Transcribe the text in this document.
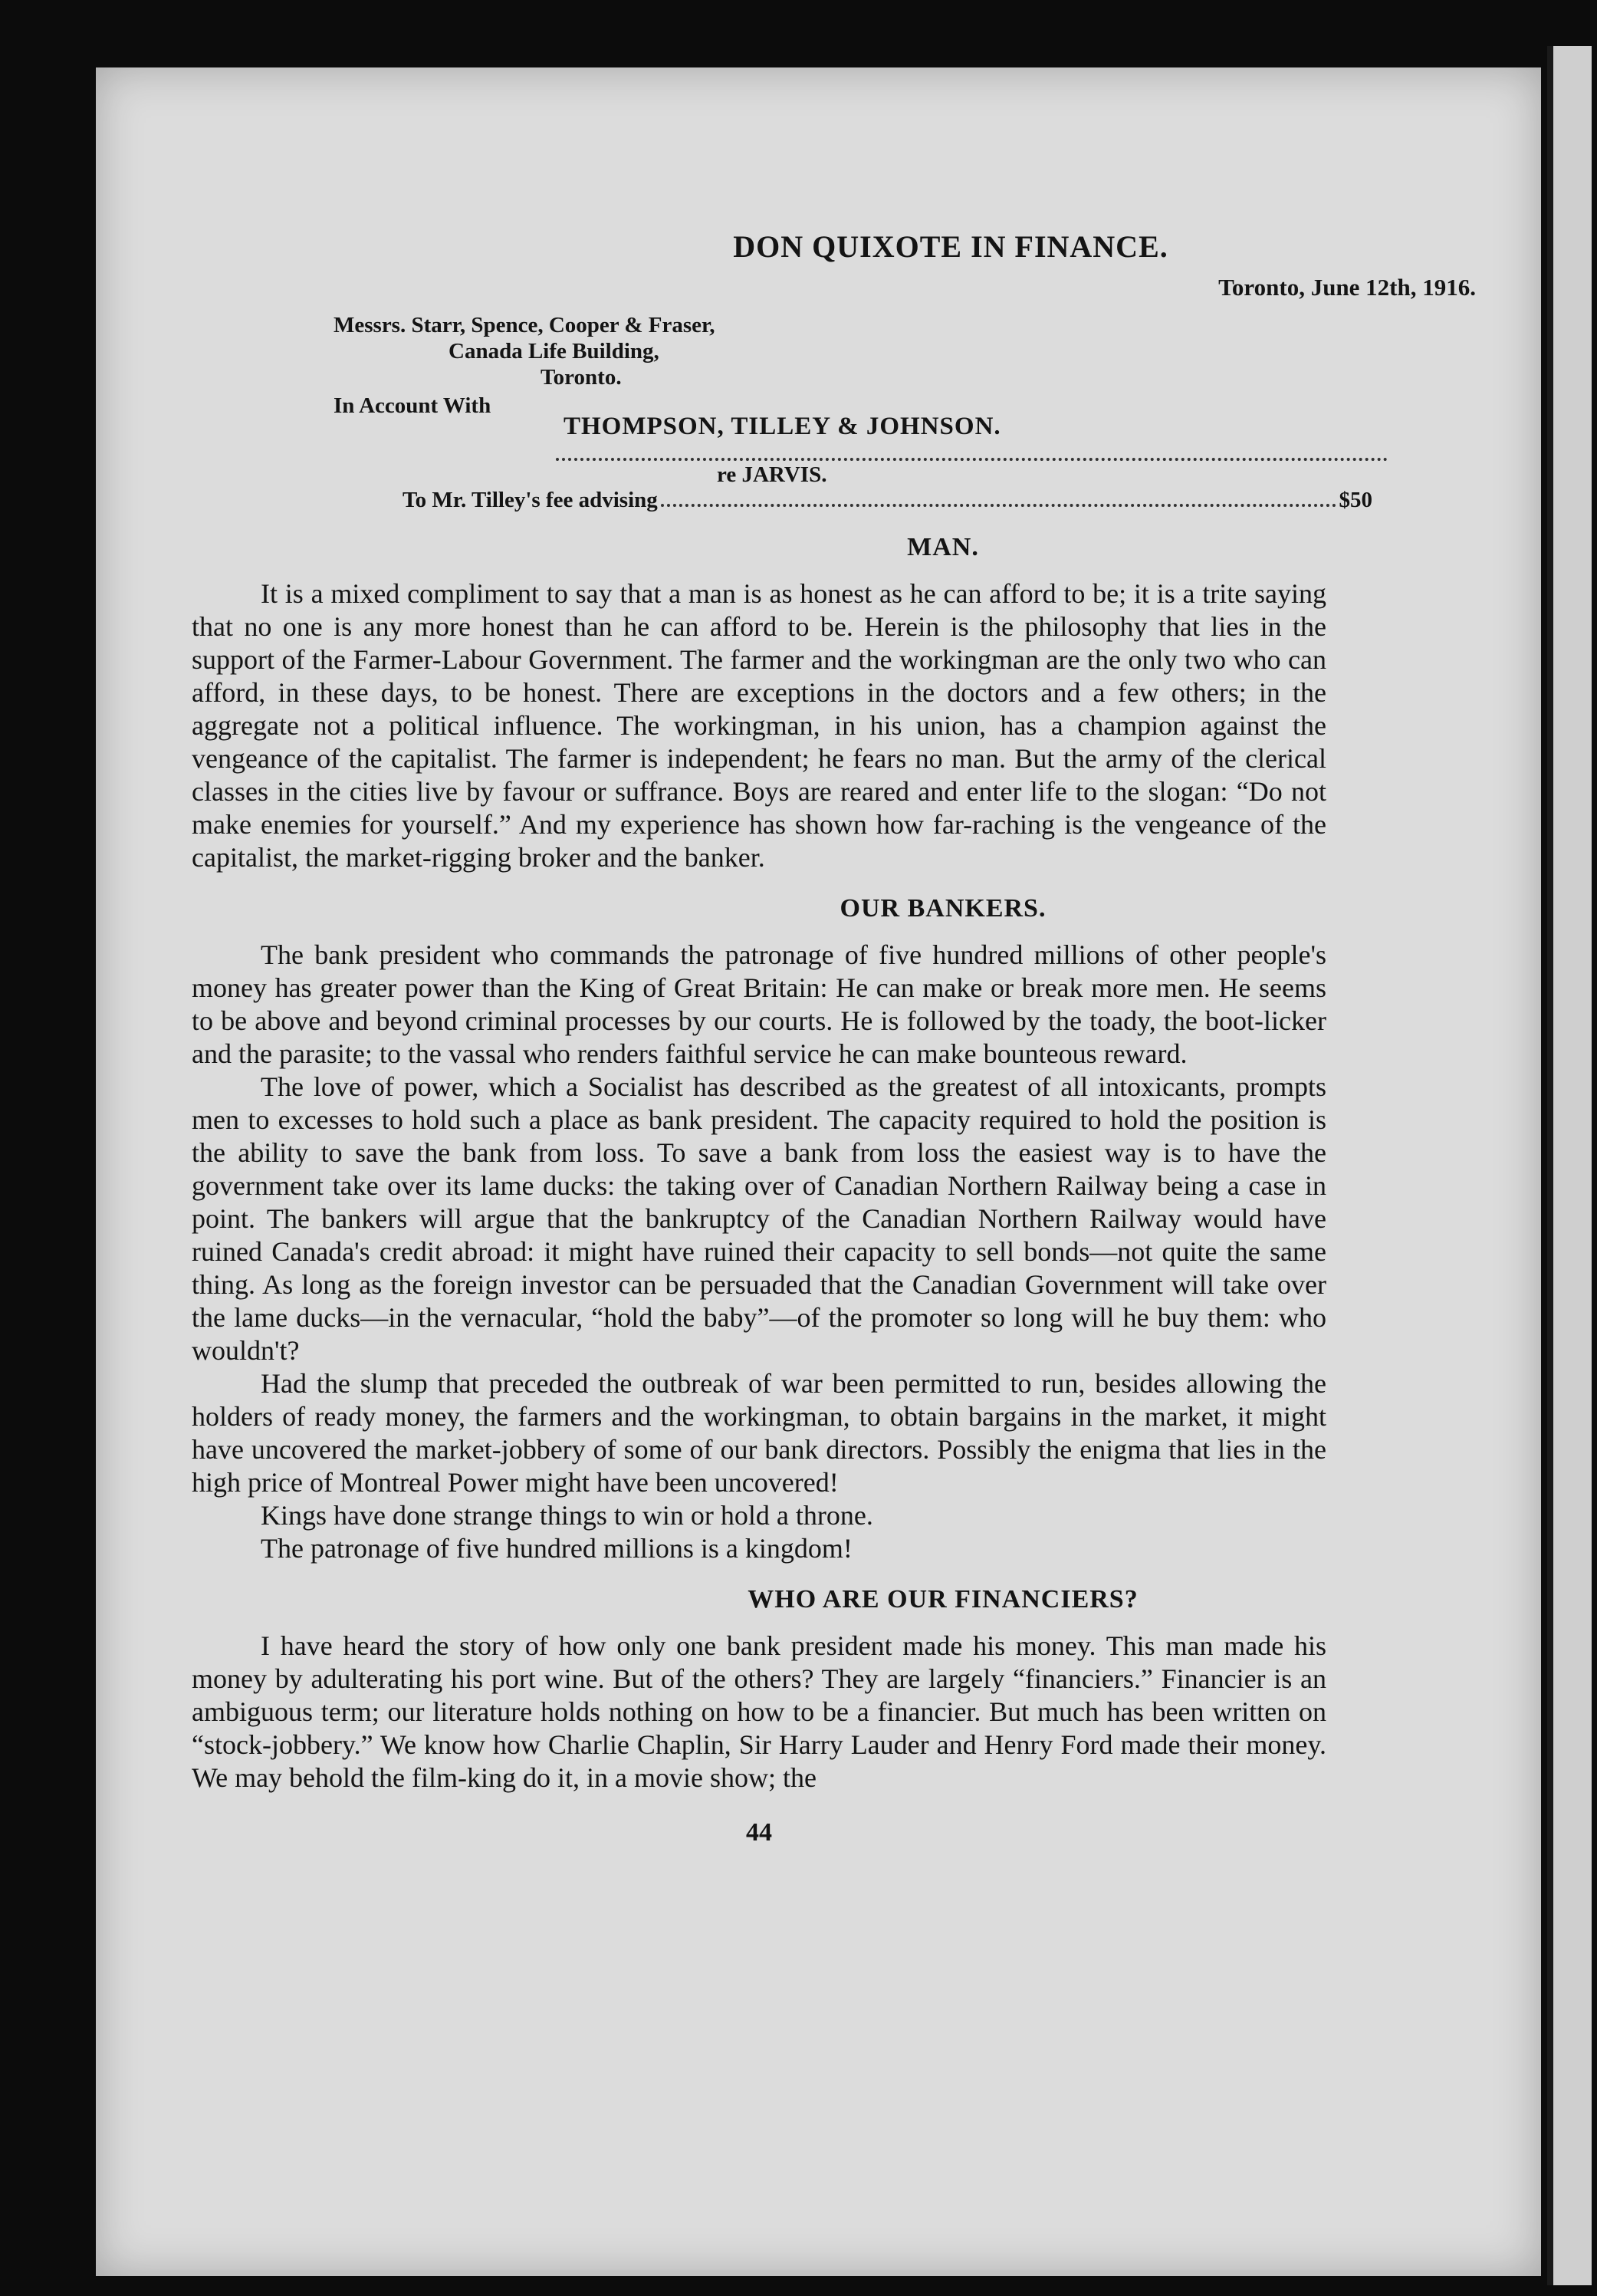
DON QUIXOTE IN FINANCE.
Toronto, June 12th, 1916.
Messrs. Starr, Spence, Cooper & Fraser,
Canada Life Building,
Toronto.
In Account With
THOMPSON, TILLEY & JOHNSON.
re JARVIS.
To Mr. Tilley's fee advising	$50
MAN.

It is a mixed compliment to say that a man is as honest as he can afford to be; it is a trite saying that no one is any more honest than he can afford to be. Herein is the philosophy that lies in the support of the Farmer-Labour Government. The farmer and the workingman are the only two who can afford, in these days, to be honest. There are exceptions in the doctors and a few others; in the aggregate not a political influence. The workingman, in his union, has a champion against the vengeance of the capitalist. The farmer is independent; he fears no man. But the army of the clerical classes in the cities live by favour or suffrance. Boys are reared and enter life to the slogan: “Do not make enemies for yourself.” And my experience has shown how far-raching is the vengeance of the capitalist, the market-rigging broker and the banker.

OUR BANKERS.

The bank president who commands the patronage of five hundred millions of other people's money has greater power than the King of Great Britain: He can make or break more men. He seems to be above and beyond criminal processes by our courts. He is followed by the toady, the boot-licker and the parasite; to the vassal who renders faithful service he can make bounteous reward.

The love of power, which a Socialist has described as the greatest of all intoxicants, prompts men to excesses to hold such a place as bank president. The capacity required to hold the position is the ability to save the bank from loss. To save a bank from loss the easiest way is to have the government take over its lame ducks: the taking over of Canadian Northern Railway being a case in point. The bankers will argue that the bankruptcy of the Canadian Northern Railway would have ruined Canada's credit abroad: it might have ruined their capacity to sell bonds—not quite the same thing. As long as the foreign investor can be persuaded that the Canadian Government will take over the lame ducks—in the vernacular, “hold the baby”—of the promoter so long will he buy them: who wouldn't?

Had the slump that preceded the outbreak of war been permitted to run, besides allowing the holders of ready money, the farmers and the workingman, to obtain bargains in the market, it might have uncovered the market-jobbery of some of our bank directors. Possibly the enigma that lies in the high price of Montreal Power might have been uncovered!

Kings have done strange things to win or hold a throne.

The patronage of five hundred millions is a kingdom!

WHO ARE OUR FINANCIERS?

I have heard the story of how only one bank president made his money. This man made his money by adulterating his port wine. But of the others? They are largely “financiers.” Financier is an ambiguous term; our literature holds nothing on how to be a financier. But much has been written on “stock-jobbery.” We know how Charlie Chaplin, Sir Harry Lauder and Henry Ford made their money. We may behold the film-king do it, in a movie show; the

44
